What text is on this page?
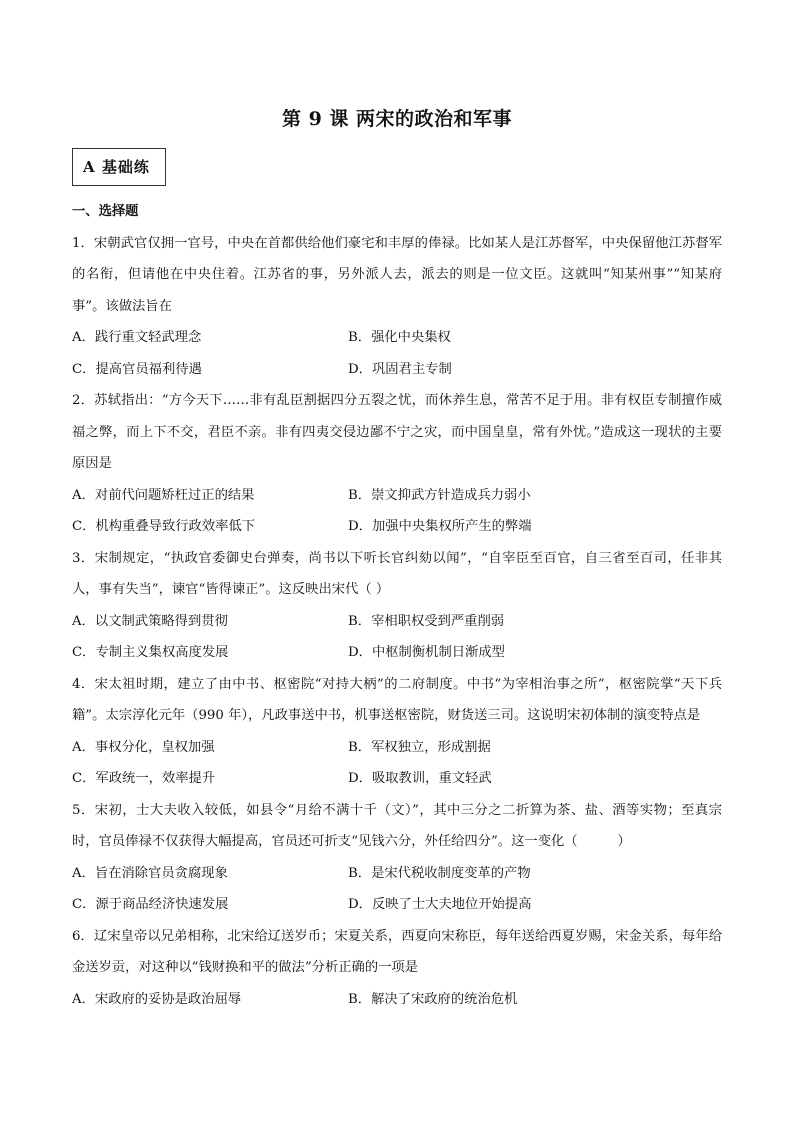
第 9 课 两宋的政治和军事
A 基础练
一、选择题

1．宋朝武官仅拥一官号，中央在首都供给他们豪宅和丰厚的俸禄。比如某人是江苏督军，中央保留他江苏督军的名衔，但请他在中央住着。江苏省的事，另外派人去，派去的则是一位文臣。这就叫“知某州事”“知某府事”。该做法旨在

A．践行重文轻武理念	B．强化中央集权
C．提高官员福利待遇	D．巩固君主专制

2．苏轼指出：“方今天下……非有乱臣割据四分五裂之忧，而休养生息，常苦不足于用。非有权臣专制擅作威福之弊，而上下不交，君臣不亲。非有四夷交侵边鄙不宁之灾，而中国皇皇，常有外忧。”造成这一现状的主要原因是

A．对前代问题矫枉过正的结果	B．崇文抑武方针造成兵力弱小
C．机构重叠导致行政效率低下	D．加强中央集权所产生的弊端

3．宋制规定，“执政官委御史台弹奏，尚书以下听长官纠劾以闻”，“自宰臣至百官，自三省至百司，任非其人，事有失当”，谏官“皆得谏正”。这反映出宋代（ ）

A．以文制武策略得到贯彻	B．宰相职权受到严重削弱
C．专制主义集权高度发展	D．中枢制衡机制日渐成型

4．宋太祖时期，建立了由中书、枢密院“对持大柄”的二府制度。中书“为宰相治事之所”，枢密院掌“天下兵籍”。太宗淳化元年（990 年），凡政事送中书，机事送枢密院，财货送三司。这说明宋初体制的演变特点是

A．事权分化，皇权加强	B．军权独立，形成割据
C．军政统一，效率提升	D．吸取教训，重文轻武

5．宋初，士大夫收入较低，如县令“月给不满十千（文）”，其中三分之二折算为茶、盐、酒等实物；至真宗时，官员俸禄不仅获得大幅提高，官员还可折支“见钱六分，外任给四分”。这一变化（　　　）

A．旨在消除官员贪腐现象	B．是宋代税收制度变革的产物
C．源于商品经济快速发展	D．反映了士大夫地位开始提高

6．辽宋皇帝以兄弟相称，北宋给辽送岁币；宋夏关系，西夏向宋称臣，每年送给西夏岁赐，宋金关系，每年给金送岁贡，对这种以“钱财换和平的做法”分析正确的一项是

A．宋政府的妥协是政治屈辱	B．解决了宋政府的统治危机
